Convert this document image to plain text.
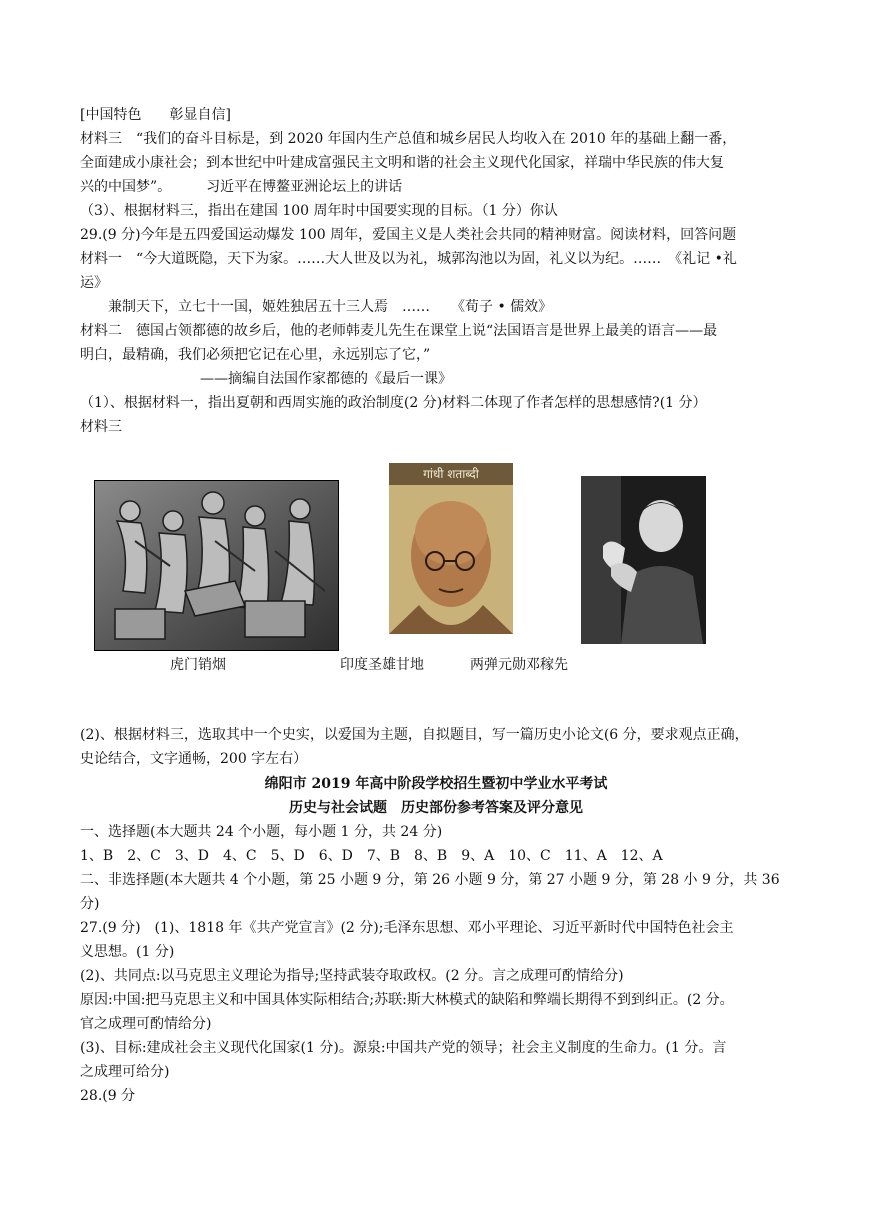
[中国特色　　彰显自信]
材料三　“我们的奋斗目标是，到 2020 年国内生产总值和城乡居民人均收入在 2010 年的基础上翻一番，
全面建成小康社会；到本世纪中叶建成富强民主文明和谐的社会主义现代化国家，祥瑞中华民族的伟大复
兴的中国梦”。　　　习近平在博鳌亚洲论坛上的讲话
（3）、根据材料三，指出在建国 100 周年时中国要实现的目标。（1 分）你认
29.(9 分)今年是五四爱国运动爆发 100 周年，爱国主义是人类社会共同的精神财富。阅读材料，回答问题
材料一　“今大道既隐，天下为家。……大人世及以为礼，城郭沟池以为固，礼义以为纪。……　《礼记 •礼
运》
　　兼制天下，立七十一国，姬姓独居五十三人焉　……　　《荀子 • 儒效》
材料二　德国占领都德的故乡后，他的老师韩麦儿先生在课堂上说“法国语言是世界上最美的语言——最
明白，最精确，我们必须把它记在心里，永远别忘了它，”
——摘编自法国作家都德的《最后一课》
（1）、根据材料一，指出夏朝和西周实施的政治制度(2 分)材料二体现了作者怎样的思想感情?(1 分）
材料三
गांधी शताब्दी
虎门销烟	印度圣雄甘地	两弹元勋邓稼先
(2)、根据材料三，选取其中一个史实，以爱国为主题，自拟题目，写一篇历史小论文(6 分，要求观点正确，
史论结合，文字通畅，200 字左右）
绵阳市 2019 年高中阶段学校招生暨初中学业水平考试
历史与社会试题　历史部份参考答案及评分意见
一、选择题(本大题共 24 个小题，每小题 1 分，共 24 分)
1、B　2、C　3、D　4、C　5、D　6、D　7、B　8、B　9、A　10、C　11、A　12、A
二、非选择题(本大题共 4 个小题，第 25 小题 9 分，第 26 小题 9 分，第 27 小题 9 分，第 28 小 9 分，共 36
分)
27.(9 分)　(1)、1818 年《共产党宣言》(2 分);毛泽东思想、邓小平理论、习近平新时代中国特色社会主
义思想。(1 分)
(2)、共同点:以马克思主义理论为指导;坚持武装夺取政权。(2 分。言之成理可酌情给分)
原因:中国:把马克思主义和中国具体实际相结合;苏联:斯大林模式的缺陷和弊端长期得不到到纠正。(2 分。
官之成理可酌情给分)
(3)、目标:建成社会主义现代化国家(1 分)。源泉:中国共产党的领导；社会主义制度的生命力。(1 分。言
之成理可给分)
28.(9 分
